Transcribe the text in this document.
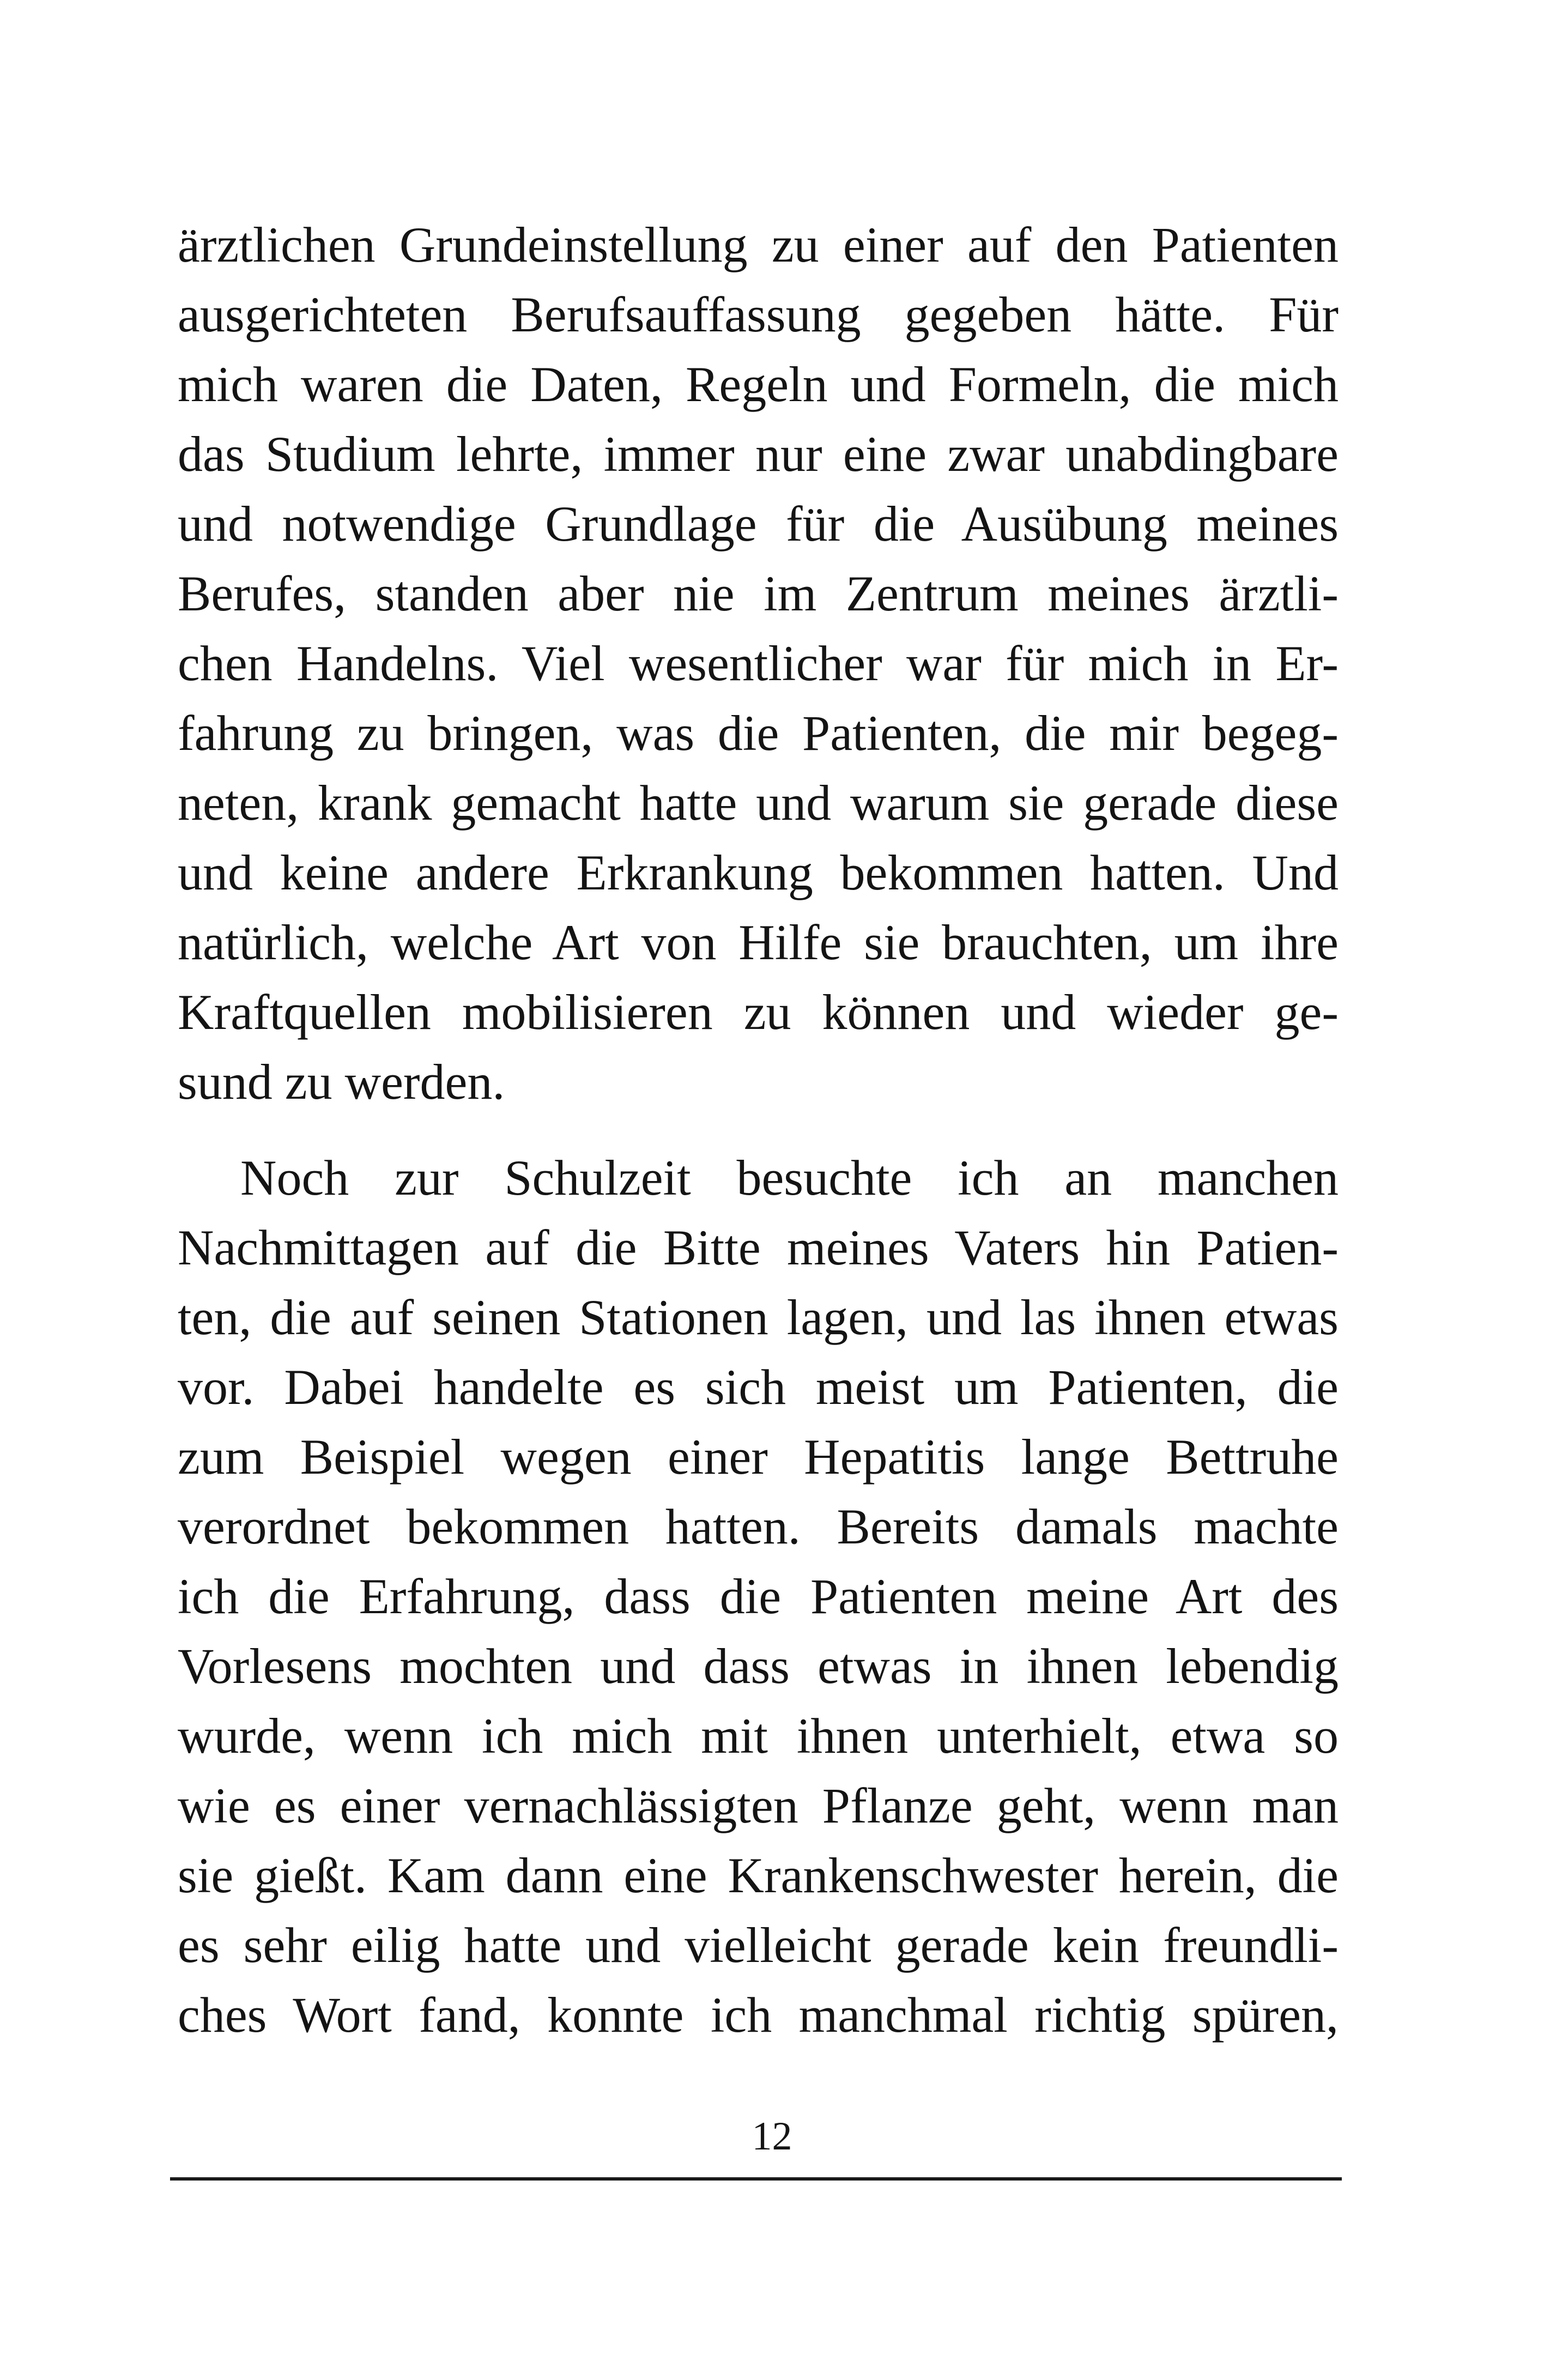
ärztlichen Grundeinstellung zu einer auf den Patienten
ausgerichteten Berufsauffassung gegeben hätte. Für
mich waren die Daten, Regeln und Formeln, die mich
das Studium lehrte, immer nur eine zwar unabdingbare
und notwendige Grundlage für die Ausübung meines
Berufes, standen aber nie im Zentrum meines ärztli-
chen Handelns. Viel wesentlicher war für mich in Er-
fahrung zu bringen, was die Patienten, die mir begeg-
neten, krank gemacht hatte und warum sie gerade diese
und keine andere Erkrankung bekommen hatten. Und
natürlich, welche Art von Hilfe sie brauchten, um ihre
Kraftquellen mobilisieren zu können und wieder ge-
sund zu werden.
Noch zur Schulzeit besuchte ich an manchen
Nachmittagen auf die Bitte meines Vaters hin Patien-
ten, die auf seinen Stationen lagen, und las ihnen etwas
vor. Dabei handelte es sich meist um Patienten, die
zum Beispiel wegen einer Hepatitis lange Bettruhe
verordnet bekommen hatten. Bereits damals machte
ich die Erfahrung, dass die Patienten meine Art des
Vorlesens mochten und dass etwas in ihnen lebendig
wurde, wenn ich mich mit ihnen unterhielt, etwa so
wie es einer vernachlässigten Pflanze geht, wenn man
sie gießt. Kam dann eine Krankenschwester herein, die
es sehr eilig hatte und vielleicht gerade kein freundli-
ches Wort fand, konnte ich manchmal richtig spüren,
12
